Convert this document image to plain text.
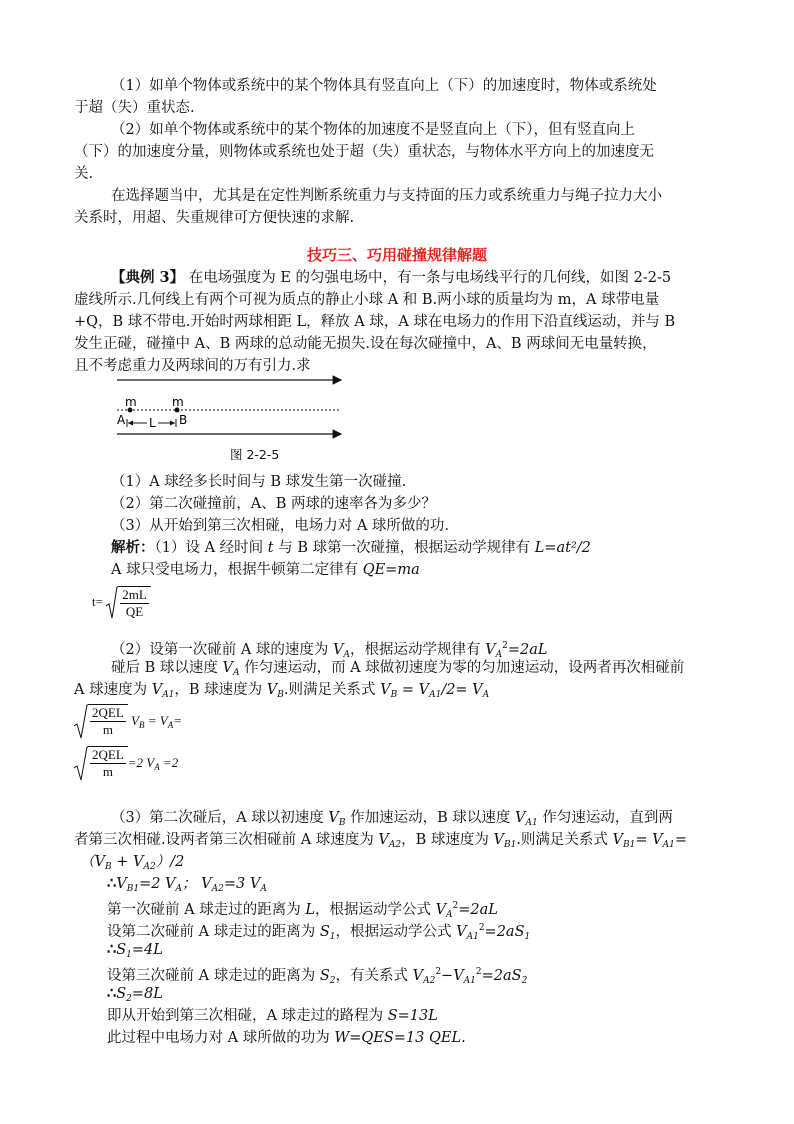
（1）如单个物体或系统中的某个物体具有竖直向上（下）的加速度时，物体或系统处
于超（失）重状态.
（2）如单个物体或系统中的某个物体的加速度不是竖直向上（下），但有竖直向上
（下）的加速度分量，则物体或系统也处于超（失）重状态，与物体水平方向上的加速度无
关.
在选择题当中，尤其是在定性判断系统重力与支持面的压力或系统重力与绳子拉力大小
关系时，用超、失重规律可方便快速的求解.
技巧三、巧用碰撞规律解题
【典例 3】 在电场强度为 E 的匀强电场中，有一条与电场线平行的几何线，如图 2-2-5
虚线所示.几何线上有两个可视为质点的静止小球 A 和 B.两小球的质量均为 m，A 球带电量
+Q，B 球不带电.开始时两球相距 L，释放 A 球，A 球在电场力的作用下沿直线运动，并与 B
发生正碰，碰撞中 A、B 两球的总动能无损失.设在每次碰撞中，A、B 两球间无电量转换，
且不考虑重力及两球间的万有引力.求
m	m
A L B
图 2-2-5
（1）A 球经多长时间与 B 球发生第一次碰撞.
（2）第二次碰撞前，A、B 两球的速率各为多少？
（3）从开始到第三次相碰，电场力对 A 球所做的功.
解析：（1）设 A 经时间 t 与 B 球第一次碰撞，根据运动学规律有 L=at²/2
A 球只受电场力，根据牛顿第二定律有 QE=ma
$t= \frac{2mL}{QE}$
（2）设第一次碰前 A 球的速度为 $V_A$，根据运动学规律有 $V_A^2=2aL$
碰后 B 球以速度 $V_A$ 作匀速运动，而 A 球做初速度为零的匀加速运动，设两者再次相碰前
A 球速度为 $V_{A1}$，B 球速度为 $V_B$.则满足关系式 $V_B = V_{A1}/2= V_A$
$\frac{\text{2QEL}}{m} V_B = V_A=$
$\frac{\text{2QEL}}{m} =2$ $V_A =2$
（3）第二次碰后，A 球以初速度 $V_B$ 作加速运动，B 球以速度 $V_{A1}$ 作匀速运动，直到两
者第三次相碰.设两者第三次相碰前 A 球速度为 $V_{A2}$，B 球速度为 $V_{B1}$.则满足关系式 $V_{B1}= V_{A1}=$
$(V_B + V_{A2})/2$
$\therefore V_{B1}=2$ $V_A$； $V_{A2}=3$ $V_A$
第一次碰前 A 球走过的距离为 L，根据运动学公式 $V_A^2=2aL$
设第二次碰前 A 球走过的距离为 $S_1$，根据运动学公式 $V_{A1}^2=2aS_1$
$\therefore S_1=4L$
设第三次碰前 A 球走过的距离为 $S_2$，有关系式 $V_{A2}^2-V_{A1}^2=2aS_2$
$\therefore S_2=8L$
即从开始到第三次相碰，A 球走过的路程为 S=13L
此过程中电场力对 A 球所做的功为 W=QES=13 QEL.
